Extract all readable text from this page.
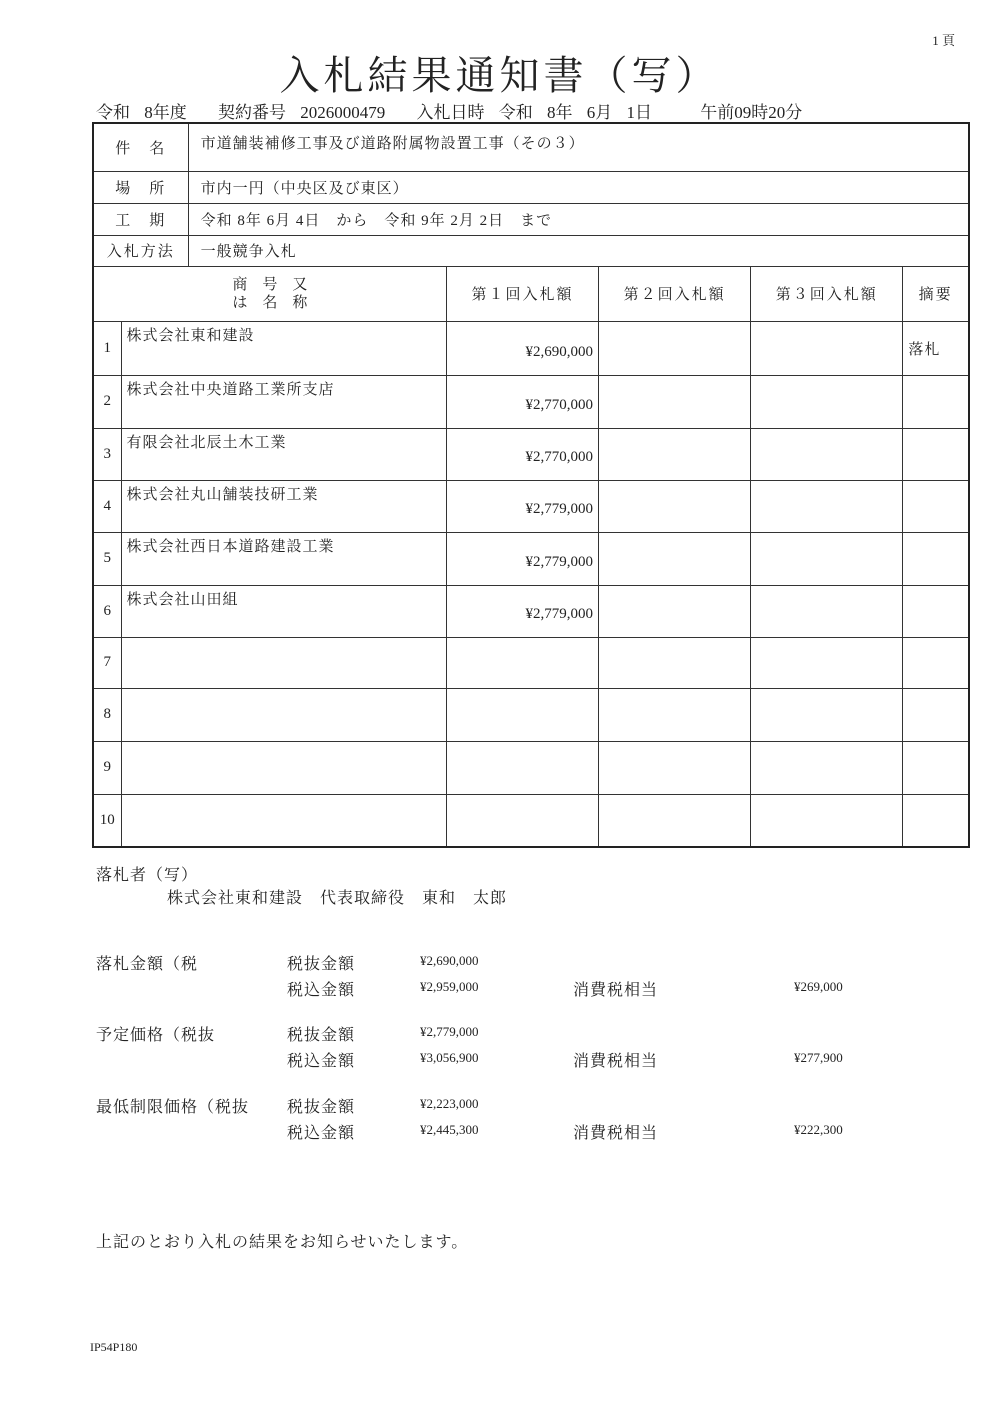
1 頁
入札結果通知書（写）
令和 8年度　 契約番号 2026000479　 入札日時 令和 8年 6月 1日　　	午前09時20分
件　名		市道舗装補修工事及び道路附属物設置工事（その３）				
場　所		市内一円（中央区及び東区）				
工　期		令和 8年 6月 4日　から　令和 9年 2月 2日　まで				
入札方法		一般競争入札				

商　号　又
は　名　称			第１回入札額	第２回入札額	第３回入札額	摘要
1	株式会社東和建設		¥2,690,000			落札
2	株式会社中央道路工業所支店		¥2,770,000			
3	有限会社北辰土木工業		¥2,770,000			
4	株式会社丸山舗装技研工業		¥2,779,000			
5	株式会社西日本道路建設工業		¥2,779,000			
6	株式会社山田組		¥2,779,000			
7						
8						
9						
10						
落札者（写）
株式会社東和建設　代表取締役　東和　太郎
落札金額（税	税抜金額	¥2,690,000
税込金額	¥2,959,000	消費税相当	¥269,000
予定価格（税抜	税抜金額	¥2,779,000
税込金額	¥3,056,900	消費税相当	¥277,900
最低制限価格（税抜 税抜金額	¥2,223,000
税込金額	¥2,445,300	消費税相当	¥222,300
上記のとおり入札の結果をお知らせいたします。
IP54P180
